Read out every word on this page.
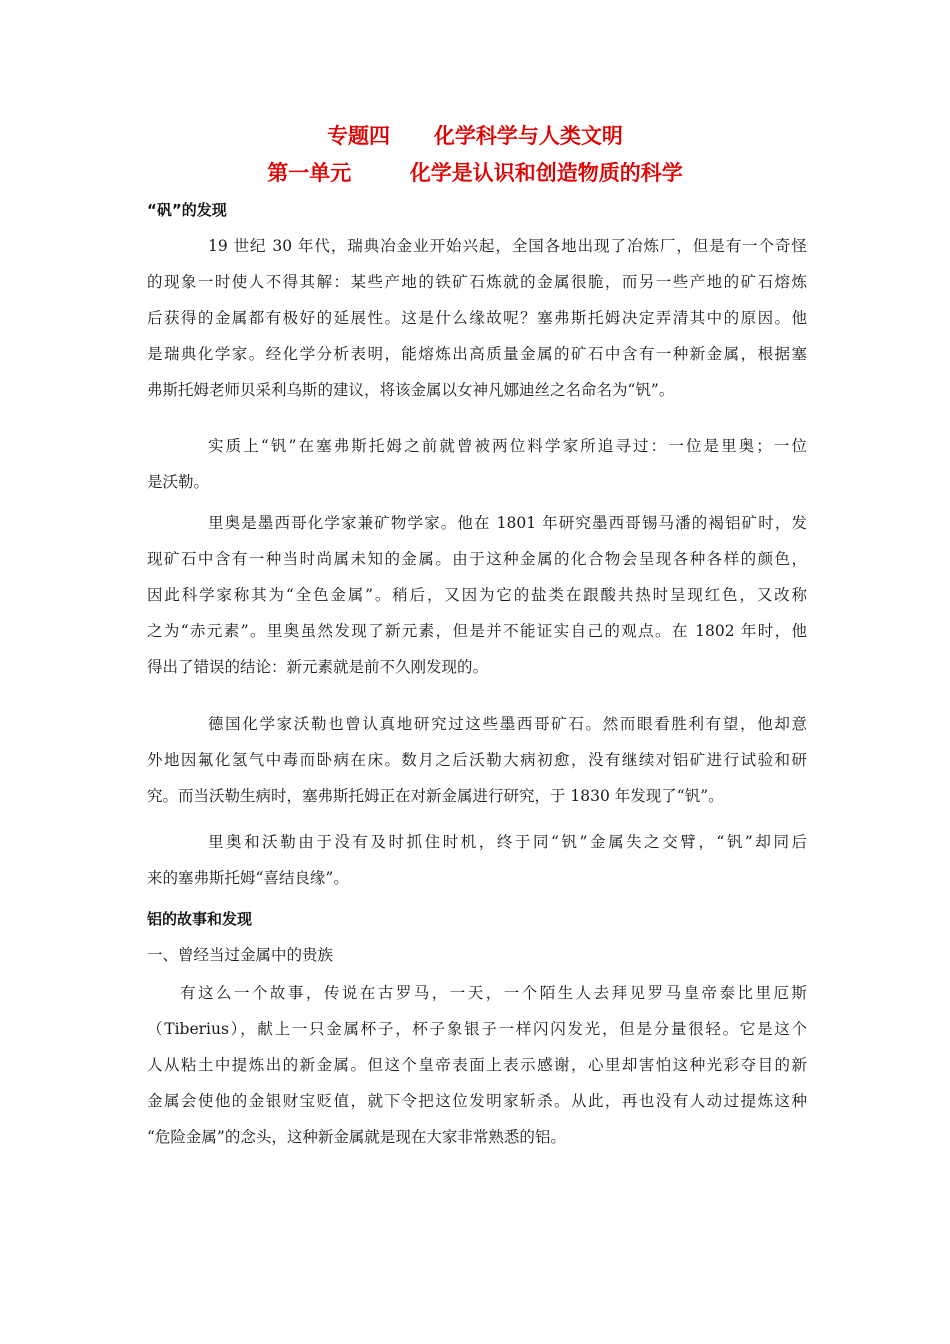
专题四      化学科学与人类文明
第一单元        化学是认识和创造物质的科学
“矾”的发现
19 世纪 30 年代，瑞典冶金业开始兴起，全国各地出现了冶炼厂，但是有一个奇怪
的现象一时使人不得其解：某些产地的铁矿石炼就的金属很脆，而另一些产地的矿石熔炼
后获得的金属都有极好的延展性。这是什么缘故呢？塞弗斯托姆决定弄清其中的原因。他
是瑞典化学家。经化学分析表明，能熔炼出高质量金属的矿石中含有一种新金属，根据塞
弗斯托姆老师贝采利乌斯的建议，将该金属以女神凡娜迪丝之名命名为“钒”。
实质上“钒”在塞弗斯托姆之前就曾被两位料学家所追寻过：一位是里奥；一位
是沃勒。
里奥是墨西哥化学家兼矿物学家。他在 1801 年研究墨西哥锡马潘的褐铝矿时，发
现矿石中含有一种当时尚属未知的金属。由于这种金属的化合物会呈现各种各样的颜色，
因此科学家称其为“全色金属”。稍后，又因为它的盐类在跟酸共热时呈现红色，又改称
之为“赤元素”。里奥虽然发现了新元素，但是并不能证实自己的观点。在 1802 年时，他
得出了错误的结论：新元素就是前不久刚发现的。
德国化学家沃勒也曾认真地研究过这些墨西哥矿石。然而眼看胜利有望，他却意
外地因氟化氢气中毒而卧病在床。数月之后沃勒大病初愈，没有继续对铝矿进行试验和研
究。而当沃勒生病时，塞弗斯托姆正在对新金属进行研究，于 1830 年发现了“钒”。
里奥和沃勒由于没有及时抓住时机，终于同“钒”金属失之交臂，“钒”却同后
来的塞弗斯托姆“喜结良缘”。
铝的故事和发现
一、曾经当过金属中的贵族
有这么一个故事，传说在古罗马，一天，一个陌生人去拜见罗马皇帝泰比里厄斯
（Tiberius），献上一只金属杯子，杯子象银子一样闪闪发光，但是分量很轻。它是这个
人从粘土中提炼出的新金属。但这个皇帝表面上表示感谢，心里却害怕这种光彩夺目的新
金属会使他的金银财宝贬值，就下令把这位发明家斩杀。从此，再也没有人动过提炼这种
“危险金属”的念头，这种新金属就是现在大家非常熟悉的铝。
